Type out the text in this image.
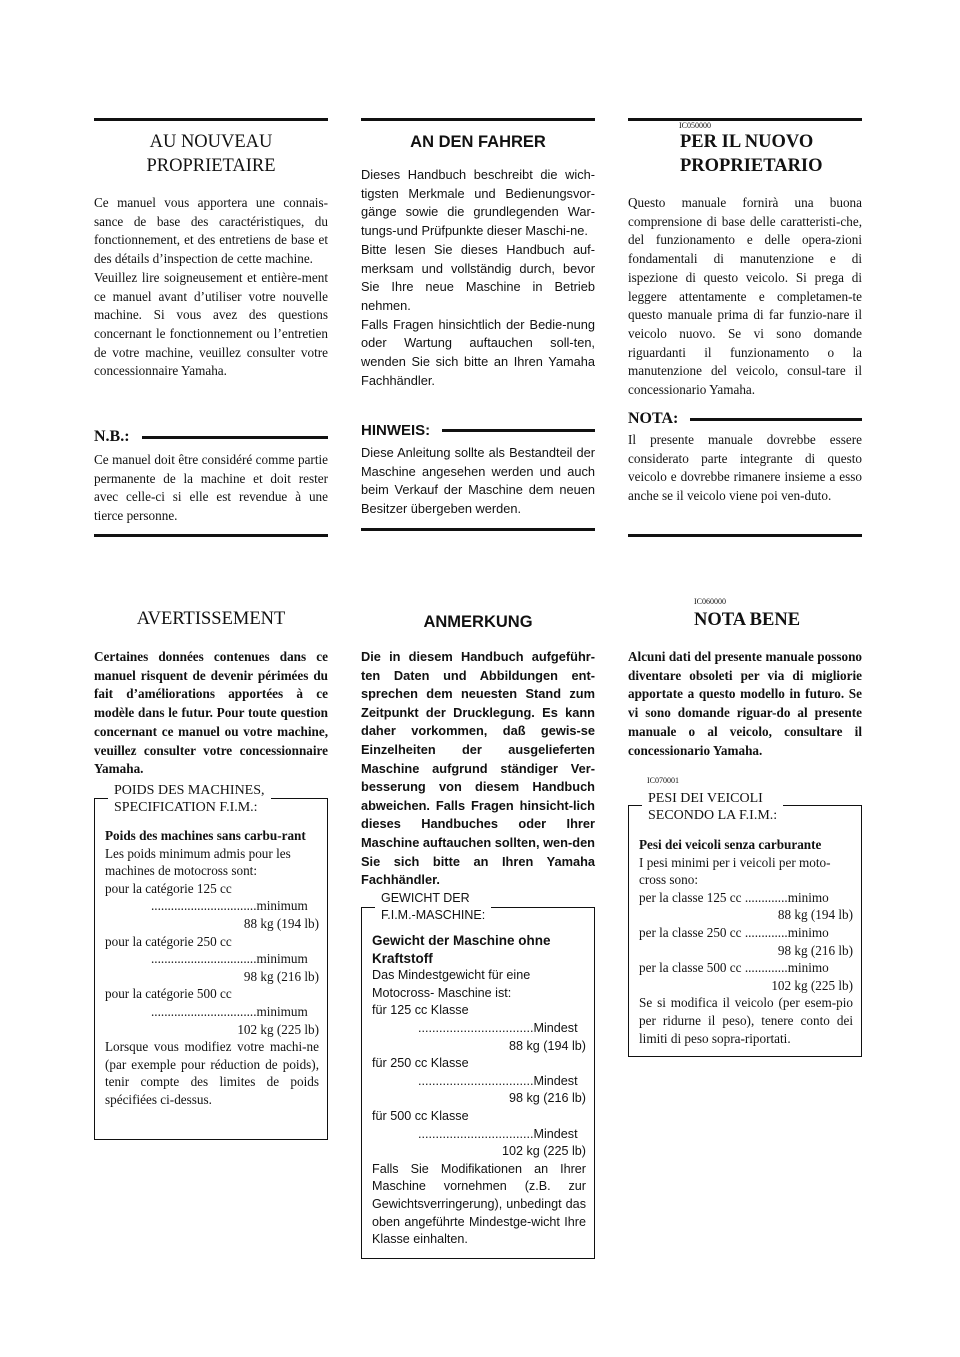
IC050000
IC060000
IC070001

AU NOUVEAU

PROPRIETAIRE

Ce manuel vous apportera une connais-sance de base des caractéristiques, du fonctionnement, et des entretiens de base et des détails d’inspection de cette machine.
Veuillez lire soigneusement et entière-ment ce manuel avant d’utiliser votre nouvelle machine. Si vous avez des questions concernant le fonctionnement ou l’entretien de votre machine, veuillez consulter votre concessionnaire Yamaha.

N.B.:

Ce manuel doit être considéré comme partie permanente de la machine et doit rester avec celle-ci si elle est revendue à une tierce personne.

AVERTISSEMENT

Certaines données contenues dans ce manuel risquent de devenir périmées du fait d’améliorations apportées à ce modèle dans le futur. Pour toute question concernant ce manuel ou votre machine, veuillez consulter votre concessionnaire Yamaha.

Poids des machines sans carbu-rant
Les poids minimum admis pour les machines de motocross sont:
pour la catégorie 125 cc
................................minimum
88 kg (194 lb)
pour la catégorie 250 cc
................................minimum
98 kg (216 lb)
pour la catégorie 500 cc
................................minimum
102 kg (225 lb)
Lorsque vous modifiez votre machi-ne (par exemple pour réduction de poids), tenir compte des limites de poids spécifiées ci-dessus.
POIDS DES MACHINES,
SPECIFICATION F.I.M.:

AN DEN FAHRER

Dieses Handbuch beschreibt die wich-tigsten Merkmale und Bedienungsvor-gänge sowie die grundlegenden War-tungs-und Prüfpunkte dieser Maschi-ne.
Bitte lesen Sie dieses Handbuch auf-merksam und vollständig durch, bevor Sie Ihre neue Maschine in Betrieb nehmen.
Falls Fragen hinsichtlich der Bedie-nung oder Wartung auftauchen soll-ten, wenden Sie sich bitte an Ihren Yamaha Fachhändler.

HINWEIS:

Diese Anleitung sollte als Bestandteil der Maschine angesehen werden und auch beim Verkauf der Maschine dem neuen Besitzer übergeben werden.

ANMERKUNG

Die in diesem Handbuch aufgeführ-ten Daten und Abbildungen ent-sprechen dem neuesten Stand zum Zeitpunkt der Drucklegung. Es kann daher vorkommen, daß gewis-se Einzelheiten der ausgelieferten Maschine aufgrund ständiger Ver-besserung von diesem Handbuch abweichen. Falls Fragen hinsicht-lich dieses Handbuches oder Ihrer Maschine auftauchen sollten, wen-den Sie sich bitte an Ihren Yamaha Fachhändler.

Gewicht der Maschine ohne Kraftstoff
Das Mindestgewicht für eine Motocross- Maschine ist:
für 125 cc Klasse
.................................Mindest
88 kg (194 lb)
für 250 cc Klasse
.................................Mindest
98 kg (216 lb)
für 500 cc Klasse
.................................Mindest
102 kg (225 lb)
Falls Sie Modifikationen an Ihrer Maschine vornehmen (z.B. zur Gewichtsverringerung), unbedingt das oben angeführte Mindestge-wicht Ihre Klasse einhalten.
GEWICHT DER
F.I.M.-MASCHINE:

PER IL NUOVO

PROPRIETARIO

Questo manuale fornirà una buona comprensione di base delle caratteristi-che, del funzionamento e delle opera-zioni fondamentali di manutenzione e di ispezione di questo veicolo. Si prega di leggere attentamente e completamen-te questo manuale prima di far funzio-nare il veicolo nuovo. Se vi sono domande riguardanti il funzionamento o la manutenzione del veicolo, consul-tare il concessionario Yamaha.

NOTA:

Il presente manuale dovrebbe essere considerato parte integrante di questo veicolo e dovrebbe rimanere insieme a esso anche se il veicolo viene poi ven-duto.

NOTA BENE

Alcuni dati del presente manuale possono diventare obsoleti per via di migliorie apportate a questo modello in futuro. Se vi sono domande riguar-do al presente manuale o al veicolo, consultare il concessionario Yamaha.

Pesi dei veicoli senza carburante
I pesi minimi per i veicoli per moto-cross sono:
per la classe 125 cc .............minimo
88 kg (194 lb)
per la classe 250 cc .............minimo
98 kg (216 lb)
per la classe 500 cc .............minimo
102 kg (225 lb)
Se si modifica il veicolo (per esem-pio per ridurne il peso), tenere conto dei limiti di peso sopra-riportati.
PESI DEI VEICOLI
SECONDO LA F.I.M.:
